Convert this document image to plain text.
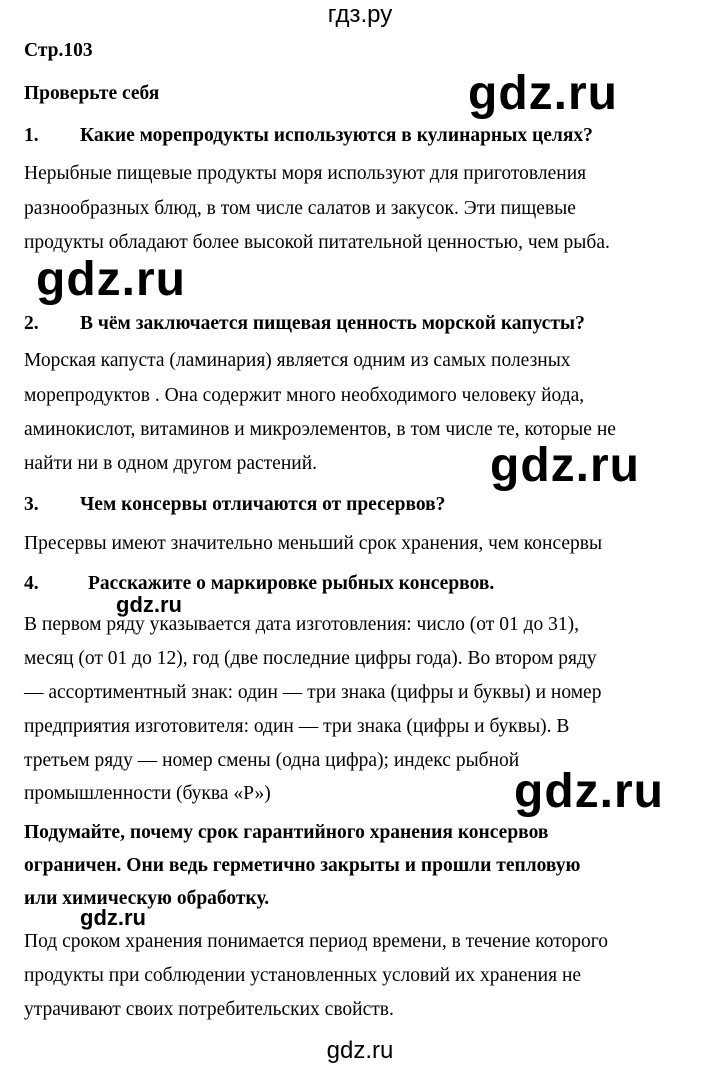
гдз.ру
Стр.103
Проверьте себя
1. Какие морепродукты используются в кулинарных целях?
Нерыбные пищевые продукты моря используют для приготовления
разнообразных блюд, в том числе салатов и закусок. Эти пищевые
продукты обладают более высокой питательной ценностью, чем рыба.
2. В чём заключается пищевая ценность морской капусты?
Морская капуста (ламинария) является одним из самых полезных
морепродуктов . Она содержит много необходимого человеку йода,
аминокислот, витаминов и микроэлементов, в том числе те, которые не
найти ни в одном другом растений.
3. Чем консервы отличаются от пресервов?
Пресервы имеют значительно меньший срок хранения, чем консервы
4.	Расскажите о маркировке рыбных консервов.
В первом ряду указывается дата изготовления: число (от 01 до 31),
месяц (от 01 до 12), год (две последние цифры года). Во втором ряду
— ассортиментный знак: один — три знака (цифры и буквы) и номер
предприятия изготовителя: один — три знака (цифры и буквы). В
третьем ряду — номер смены (одна цифра); индекс рыбной
промышленности (буква «Р»)
Подумайте, почему срок гарантийного хранения консервов
ограничен. Они ведь герметично закрыты и прошли тепловую
или химическую обработку.
Под сроком хранения понимается период времени, в течение которого
продукты при соблюдении установленных условий их хранения не
утрачивают своих потребительских свойств.
gdz.ru
gdz.ru
gdz.ru
gdz.ru
gdz.ru
gdz.ru
gdz.ru
